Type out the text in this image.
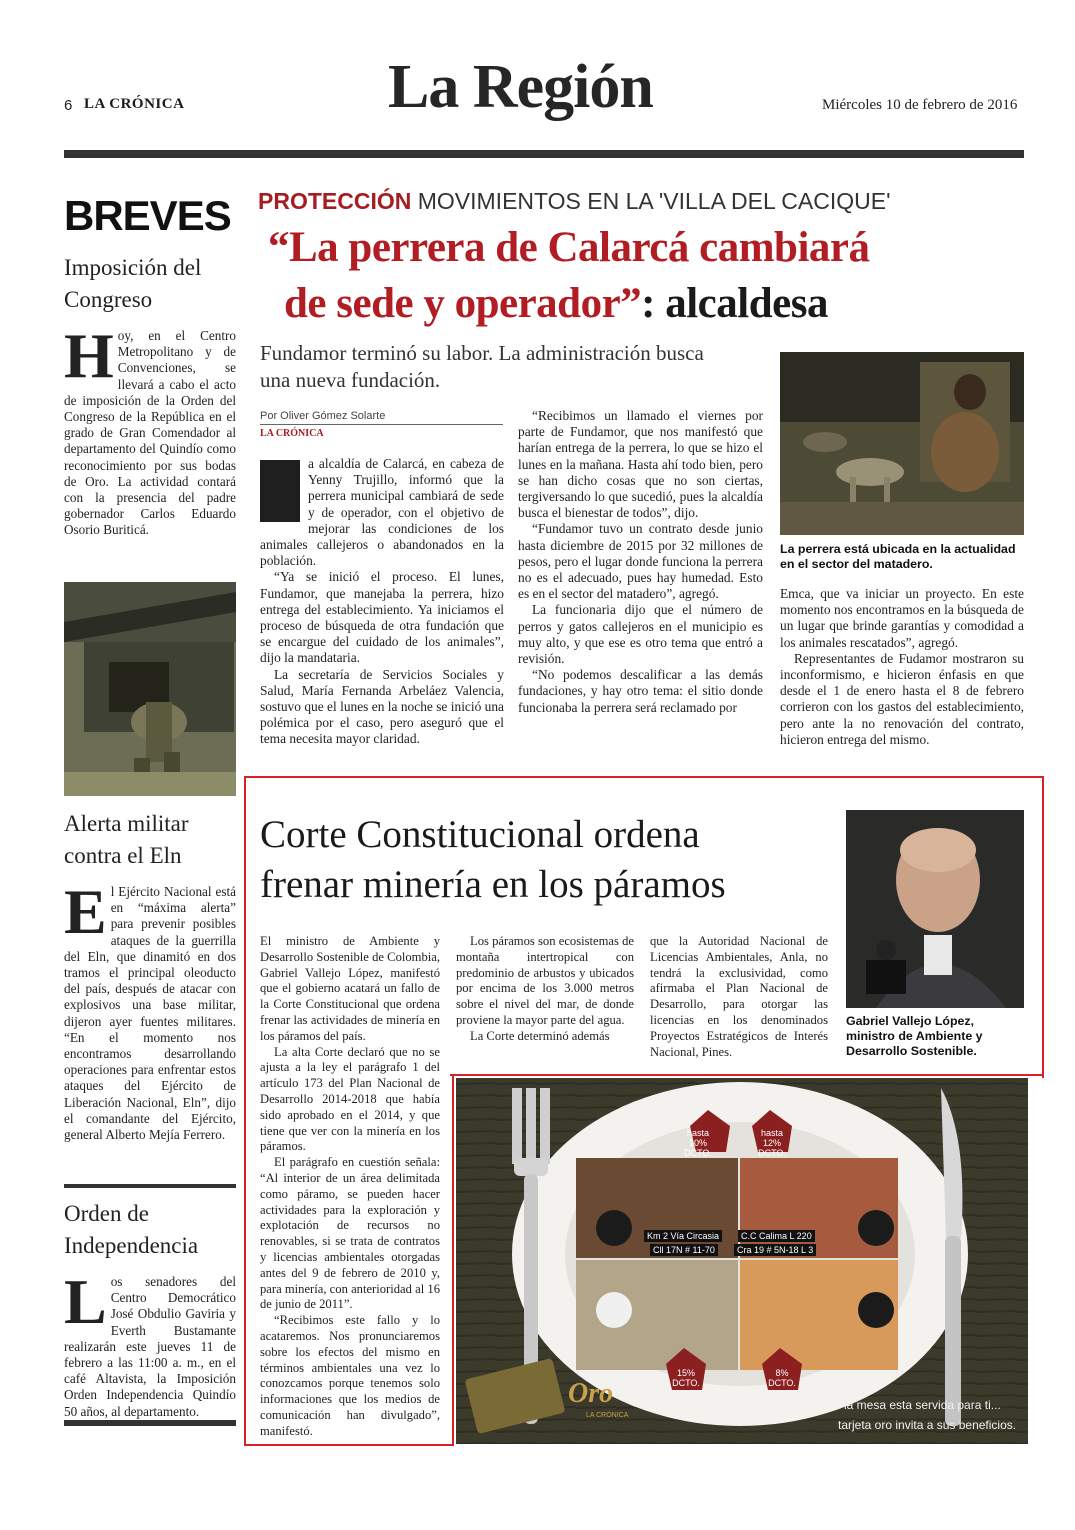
6 LA CRÓNICA	La Región	Miércoles 10 de febrero de 2016
BREVES
Imposición del Congreso
H oy, en el Centro Metropolitano y de Convenciones, se llevará a cabo el acto de imposición de la Orden del Congreso de la República en el grado de Gran Comendador al departamento del Quindío como reconocimiento por sus bodas de Oro. La actividad contará con la presencia del padre gobernador Carlos Eduardo Osorio Buriticá.
Alerta militar contra el Eln
E l Ejército Nacional está en “máxima alerta” para prevenir posibles ataques de la guerrilla del Eln, que dinamitó en dos tramos el principal oleoducto del país, después de atacar con explosivos una base militar, dijeron ayer fuentes militares. “En el momento nos encontramos desarrollando operaciones para enfrentar estos ataques del Ejército de Liberación Nacional, Eln”, dijo el comandante del Ejército, general Alberto Mejía Ferrero.
Orden de Independencia
L os senadores del Centro Democrático José Obdulio Gaviria y Everth Bustamante realizarán este jueves 11 de febrero a las 11:00 a. m., en el café Altavista, la Imposición Orden Independencia Quindío 50 años, al departamento.
PROTECCIÓN MOVIMIENTOS EN LA 'VILLA DEL CACIQUE'
“La perrera de Calarcá cambiará
de sede y operador”: alcaldesa
Fundamor terminó su labor. La administración busca una nueva fundación.
Por Oliver Gómez Solarte
LA CRÓNICA
a alcaldía de Calarcá, en cabeza de Yenny Trujillo, informó que la perrera municipal cambiará de sede y de operador, con el objetivo de mejorar las condiciones de los animales callejeros o abandonados en la población.

“Ya se inició el proceso. El lunes, Fundamor, que manejaba la perrera, hizo entrega del establecimiento. Ya iniciamos el proceso de búsqueda de otra fundación que se encargue del cuidado de los animales”, dijo la mandataria.

La secretaría de Servicios Sociales y Salud, María Fernanda Arbeláez Valencia, sostuvo que el lunes en la noche se inició una polémica por el caso, pero aseguró que el tema necesita mayor claridad.

“Recibimos un llamado el viernes por parte de Fundamor, que nos manifestó que harían entrega de la perrera, lo que se hizo el lunes en la mañana. Hasta ahí todo bien, pero se han dicho cosas que no son ciertas, tergiversando lo que sucedió, pues la alcaldía busca el bienestar de todos”, dijo.

“Fundamor tuvo un contrato desde junio hasta diciembre de 2015 por 32 millones de pesos, pero el lugar donde funciona la perrera no es el adecuado, pues hay humedad. Esto es en el sector del matadero”, agregó.

La funcionaria dijo que el número de perros y gatos callejeros en el municipio es muy alto, y que ese es otro tema que entró a revisión.

“No podemos descalificar a las demás fundaciones, y hay otro tema: el sitio donde funcionaba la perrera será reclamado por

La perrera está ubicada en la actualidad en el sector del matadero.

Emca, que va iniciar un proyecto. En este momento nos encontramos en la búsqueda de un lugar que brinde garantías y comodidad a los animales rescatados”, agregó.

Representantes de Fudamor mostraron su inconformismo, e hicieron énfasis en que desde el 1 de enero hasta el 8 de febrero corrieron con los gastos del establecimiento, pero ante la no renovación del contrato, hicieron entrega del mismo.

Corte Constitucional ordena
frenar minería en los páramos

El ministro de Ambiente y Desarrollo Sostenible de Colombia, Gabriel Vallejo López, manifestó que el gobierno acatará un fallo de la Corte Constitucional que ordena frenar las actividades de minería en los páramos del país.

La alta Corte declaró que no se ajusta a la ley el parágrafo 1 del artículo 173 del Plan Nacional de Desarrollo 2014-2018 que había sido aprobado en el 2014, y que tiene que ver con la minería en los páramos.

El parágrafo en cuestión señala: “Al interior de un área delimitada como páramo, se pueden hacer actividades para la exploración y explotación de recursos no renovables, si se trata de contratos y licencias ambientales otorgadas antes del 9 de febrero de 2010 y, para minería, con anterioridad al 16 de junio de 2011”.

“Recibimos este fallo y lo acataremos. Nos pronunciaremos sobre los efectos del mismo en términos ambientales una vez lo conozcamos porque tenemos solo informaciones que los medios de comunicación han divulgado”, manifestó.

Los páramos son ecosistemas de montaña intertropical con predominio de arbustos y ubicados por encima de los 3.000 metros sobre el nivel del mar, de donde proviene la mayor parte del agua.

La Corte determinó además

que la Autoridad Nacional de Licencias Ambientales, Anla, no tendrá la exclusividad, como afirmaba el Plan Nacional de Desarrollo, para otorgar las licencias en los denominados Proyectos Estratégicos de Interés Nacional, Pines.

Gabriel Vallejo López, ministro de Ambiente y Desarrollo Sostenible.
hasta 10% DCTO.
hasta 12% DCTO.
15% DCTO.
8% DCTO.
Km 2 Vía Circasia	C.C Calima L 220
Cll 17N # 11-70	Cra 19 # 5N-18 L 3
Oro
LA CRÓNICA
la mesa esta servida para ti...
tarjeta oro invita a sus beneficios.
